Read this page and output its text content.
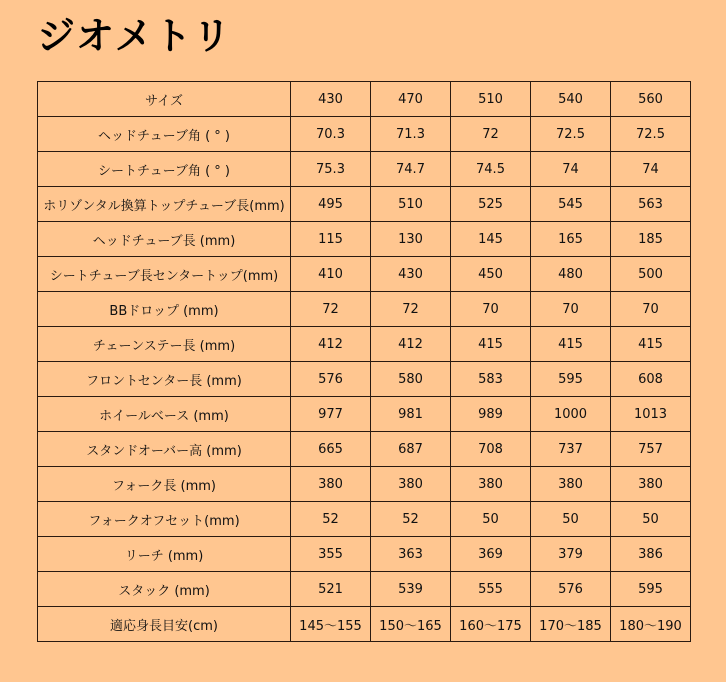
ジオメトリ
サイズ	430	470	510	540	560
ヘッドチューブ角 ( ° )	70.3	71.3	72	72.5	72.5
シートチューブ角 ( ° )	75.3	74.7	74.5	74	74
ホリゾンタル換算トップチューブ長(mm)	495	510	525	545	563
ヘッドチューブ長 (mm)	115	130	145	165	185
シートチューブ長センタートップ(mm)	410	430	450	480	500
BBドロップ (mm)	72	72	70	70	70
チェーンステー長 (mm)	412	412	415	415	415
フロントセンター長 (mm)	576	580	583	595	608
ホイールベース (mm)	977	981	989	1000	1013
スタンドオーバー高 (mm)	665	687	708	737	757
フォーク長 (mm)	380	380	380	380	380
フォークオフセット(mm)	52	52	50	50	50
リーチ (mm)	355	363	369	379	386
スタック (mm)	521	539	555	576	595
適応身長目安(cm)	145〜155	150〜165	160〜175	170〜185	180〜190
